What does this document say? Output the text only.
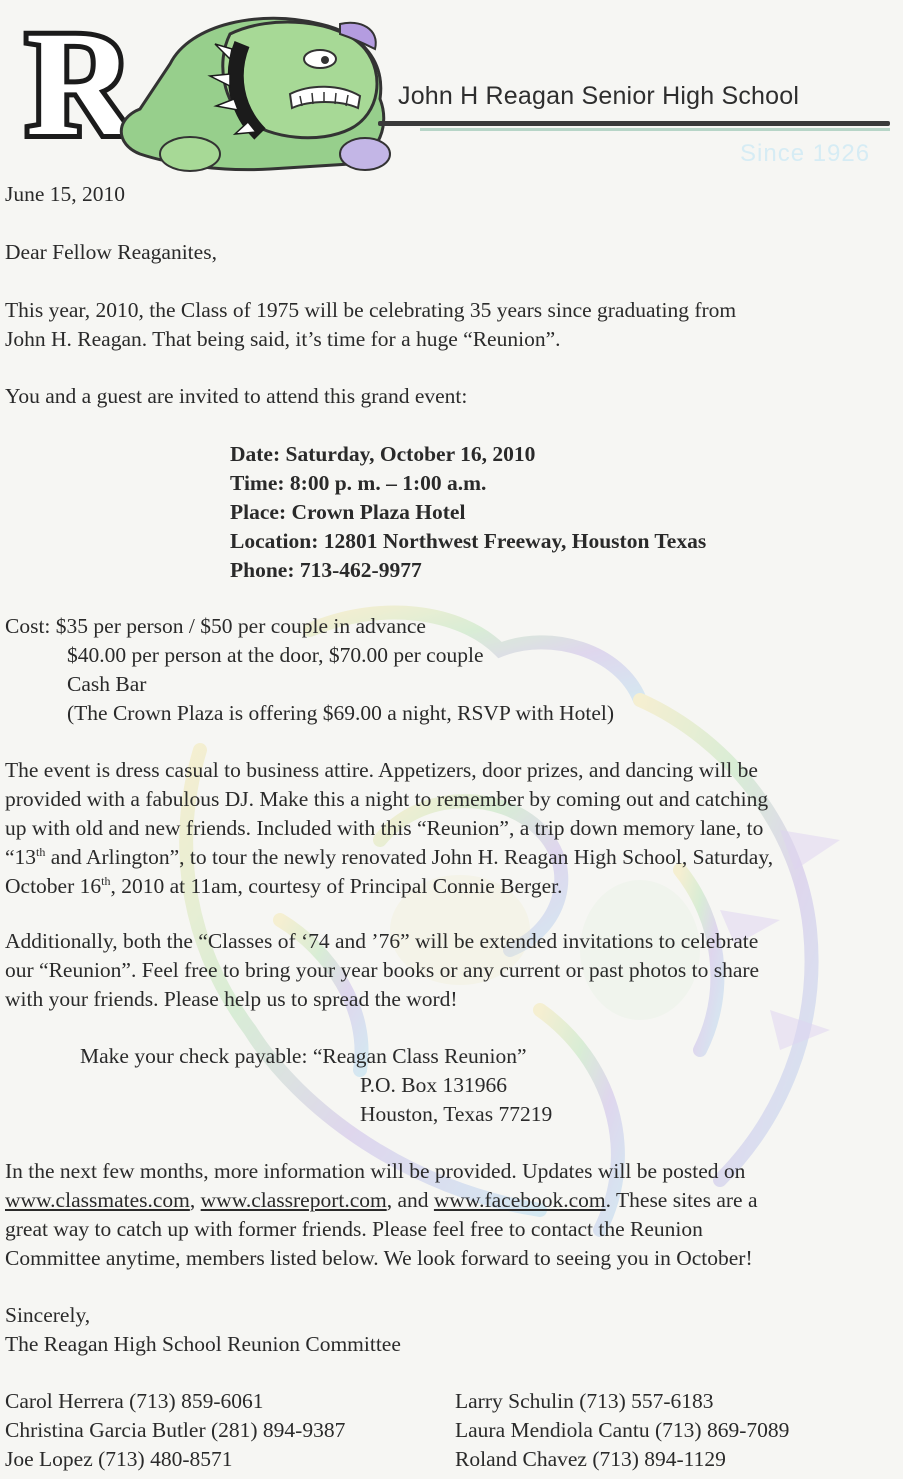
R	John H Reagan Senior High School
Since 1926
June 15, 2010
Dear Fellow Reaganites,
This year, 2010, the Class of 1975 will be celebrating 35 years since graduating from
John H. Reagan. That being said, it’s time for a huge “Reunion”.
You and a guest are invited to attend this grand event:
Date: Saturday, October 16, 2010
Time: 8:00 p. m. – 1:00 a.m.
Place: Crown Plaza Hotel
Location: 12801 Northwest Freeway, Houston Texas
Phone: 713-462-9977
Cost: $35 per person / $50 per couple in advance
$40.00 per person at the door, $70.00 per couple
Cash Bar
(The Crown Plaza is offering $69.00 a night, RSVP with Hotel)
The event is dress casual to business attire. Appetizers, door prizes, and dancing will be
provided with a fabulous DJ. Make this a night to remember by coming out and catching
up with old and new friends. Included with this “Reunion”, a trip down memory lane, to
“13th and Arlington”, to tour the newly renovated John H. Reagan High School, Saturday,
October 16th, 2010 at 11am, courtesy of Principal Connie Berger.
Additionally, both the “Classes of ‘74 and ’76” will be extended invitations to celebrate
our “Reunion”. Feel free to bring your year books or any current or past photos to share
with your friends. Please help us to spread the word!
Make your check payable: “Reagan Class Reunion”
P.O. Box 131966
Houston, Texas 77219
In the next few months, more information will be provided. Updates will be posted on
www.classmates.com, www.classreport.com, and www.facebook.com. These sites are a
great way to catch up with former friends. Please feel free to contact the Reunion
Committee anytime, members listed below. We look forward to seeing you in October!
Sincerely,
The Reagan High School Reunion Committee
Carol Herrera (713) 859-6061
Christina Garcia Butler (281) 894-9387
Joe Lopez (713) 480-8571
Larry Schulin (713) 557-6183
Laura Mendiola Cantu (713) 869-7089
Roland Chavez (713) 894-1129
